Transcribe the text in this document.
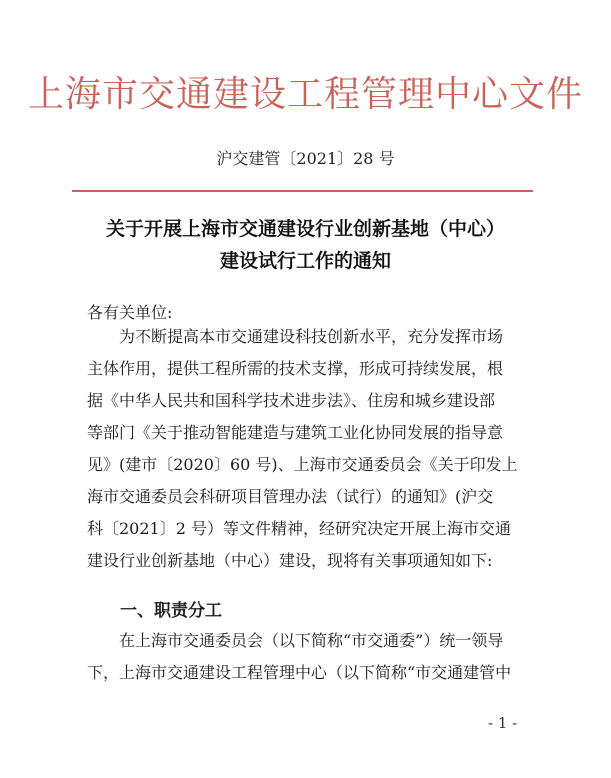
上海市交通建设工程管理中心文件
沪交建管〔2021〕28 号
关于开展上海市交通建设行业创新基地（中心）
建设试行工作的通知
各有关单位:
　　为不断提高本市交通建设科技创新水平，充分发挥市场
主体作用，提供工程所需的技术支撑，形成可持续发展，根
据《中华人民共和国科学技术进步法》、住房和城乡建设部
等部门《关于推动智能建造与建筑工业化协同发展的指导意
见》(建市〔2020〕60 号)、上海市交通委员会《关于印发上
海市交通委员会科研项目管理办法（试行）的通知》(沪交
科〔2021〕2 号）等文件精神，经研究决定开展上海市交通
建设行业创新基地（中心）建设，现将有关事项通知如下:
一、职责分工
　　在上海市交通委员会（以下简称“市交通委”）统一领导
下，上海市交通建设工程管理中心（以下简称“市交通建管中
- 1 -
